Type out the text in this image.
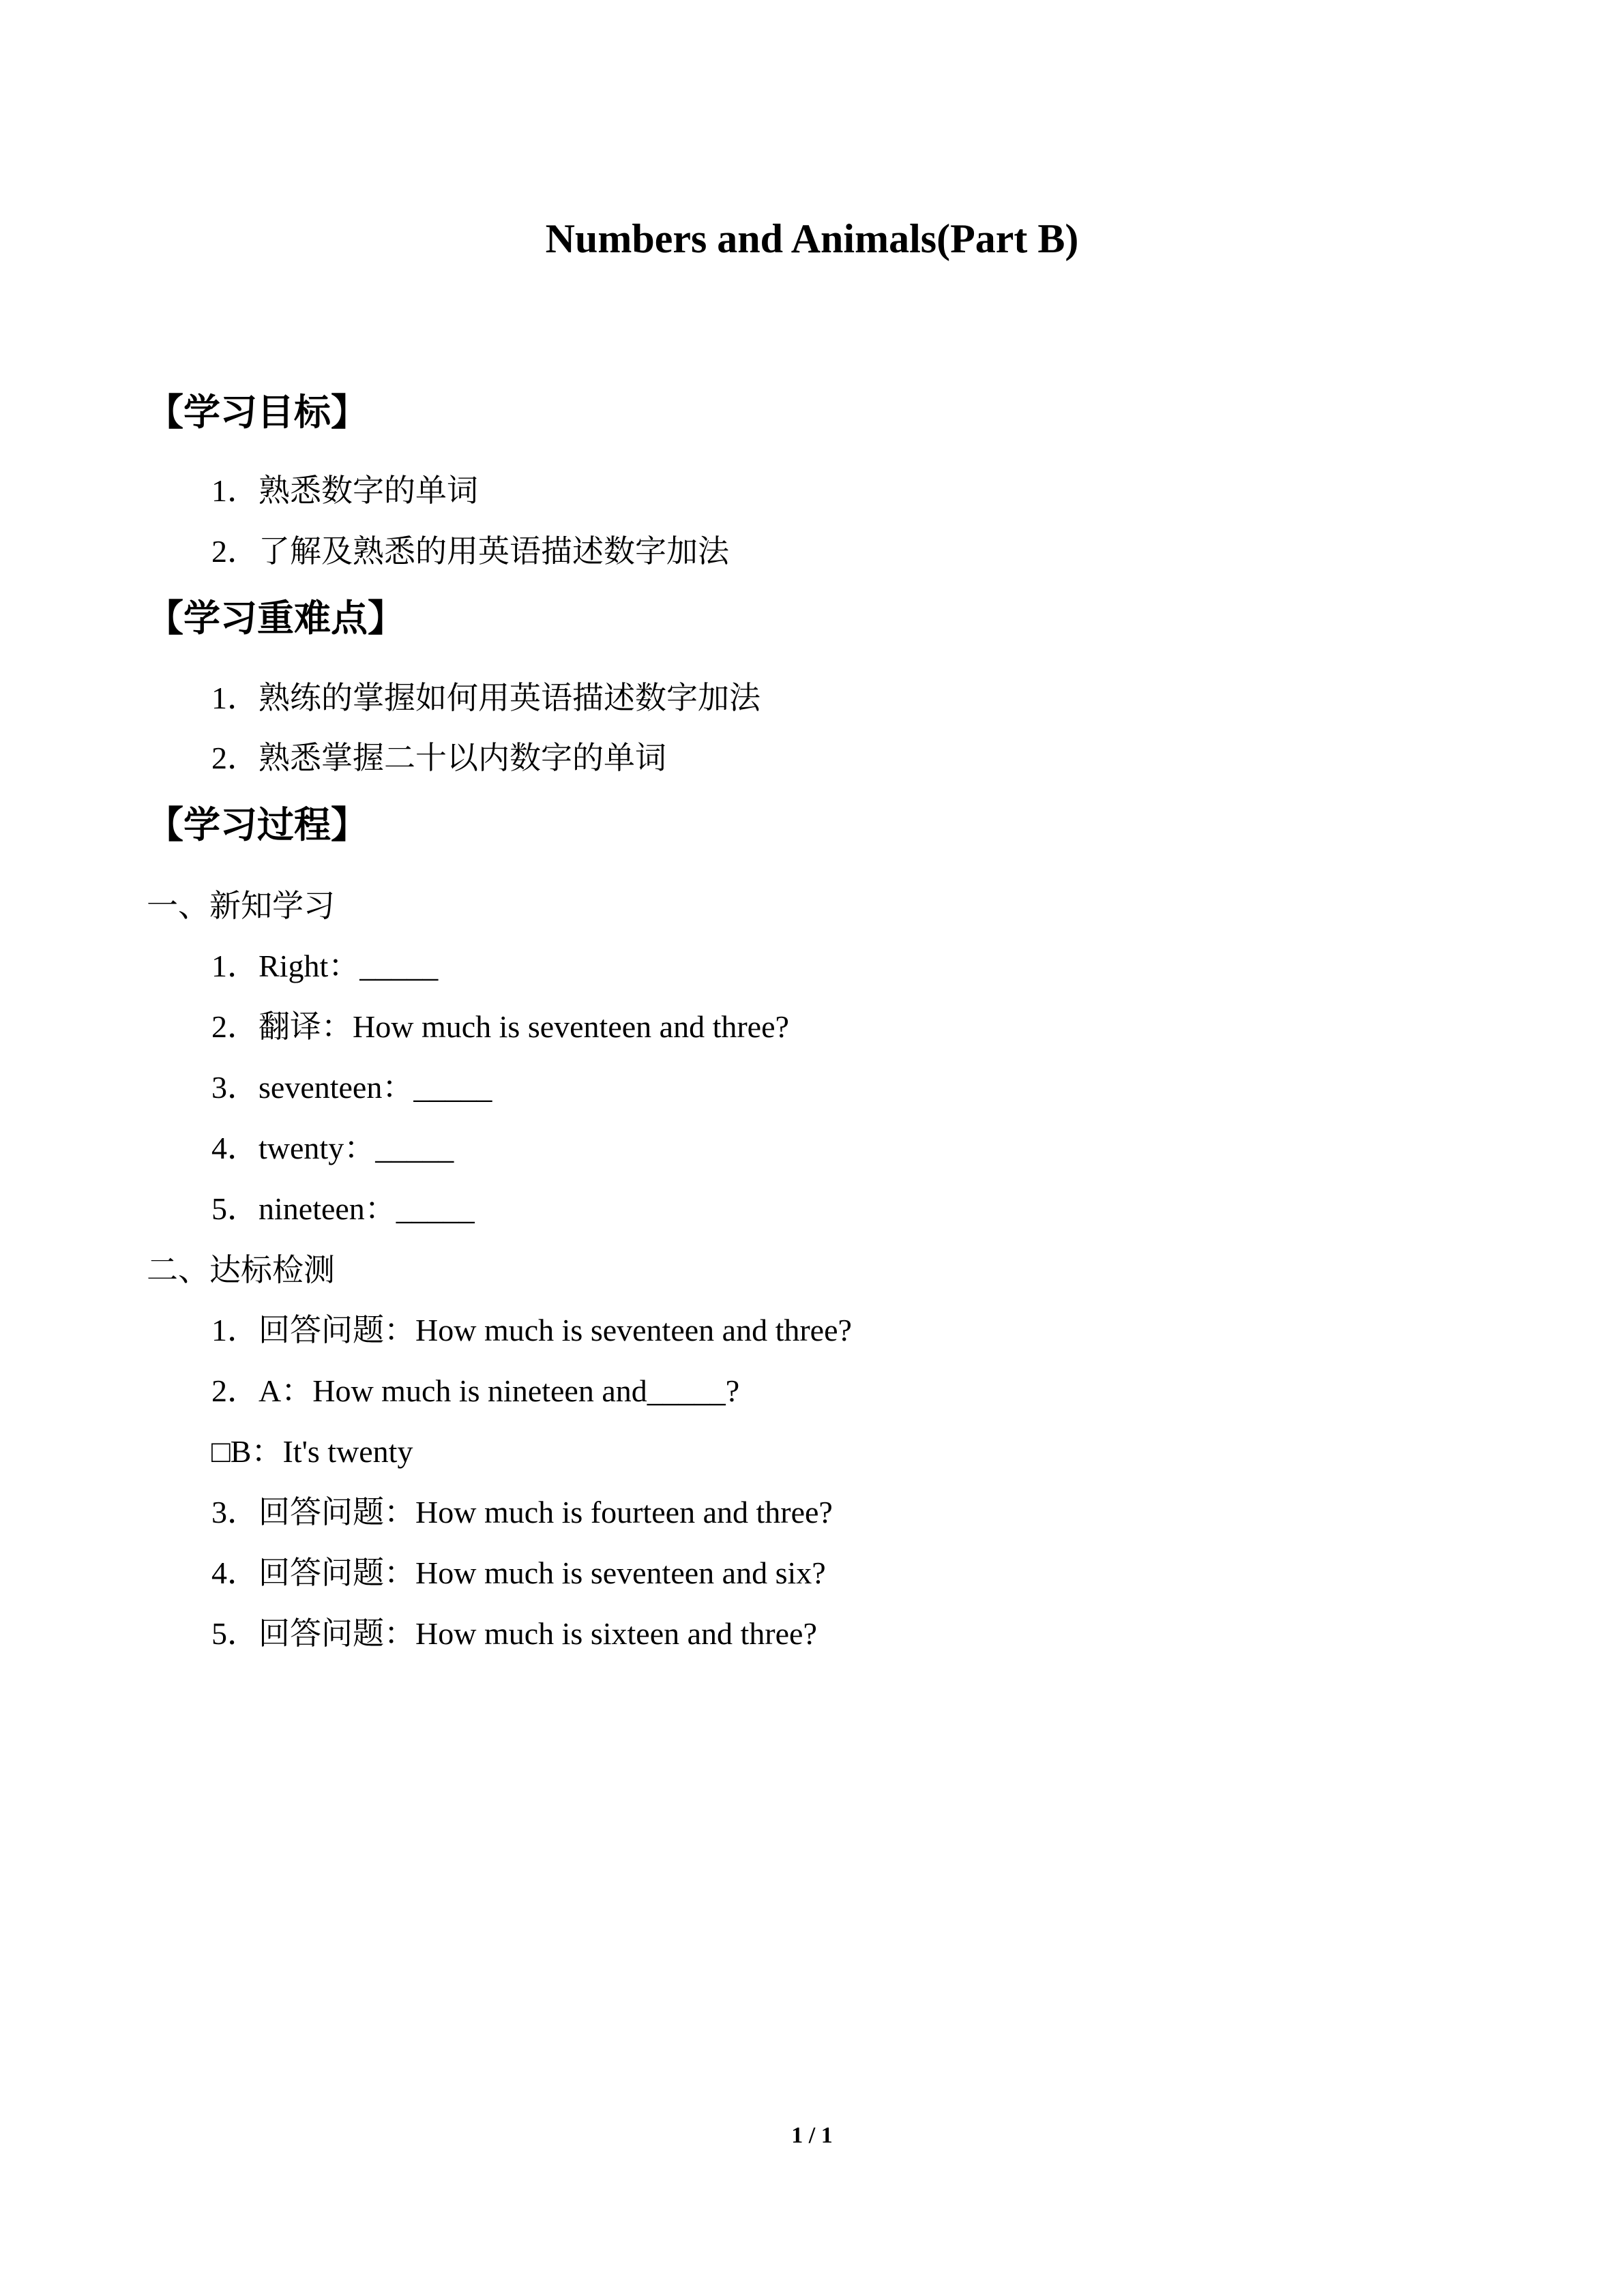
Numbers and Animals(Part B)
【学习目标】
1．熟悉数字的单词
2．了解及熟悉的用英语描述数字加法
【学习重难点】
1．熟练的掌握如何用英语描述数字加法
2．熟悉掌握二十以内数字的单词
【学习过程】
一、新知学习
1．Right：_____
2．翻译：How much is seventeen and three?
3．seventeen：_____
4．twenty：_____
5．nineteen：_____
二、达标检测
1．回答问题：How much is seventeen and three?
2．A：How much is nineteen and_____?
□B：It's twenty
3．回答问题：How much is fourteen and three?
4．回答问题：How much is seventeen and six?
5．回答问题：How much is sixteen and three?
1 / 1
